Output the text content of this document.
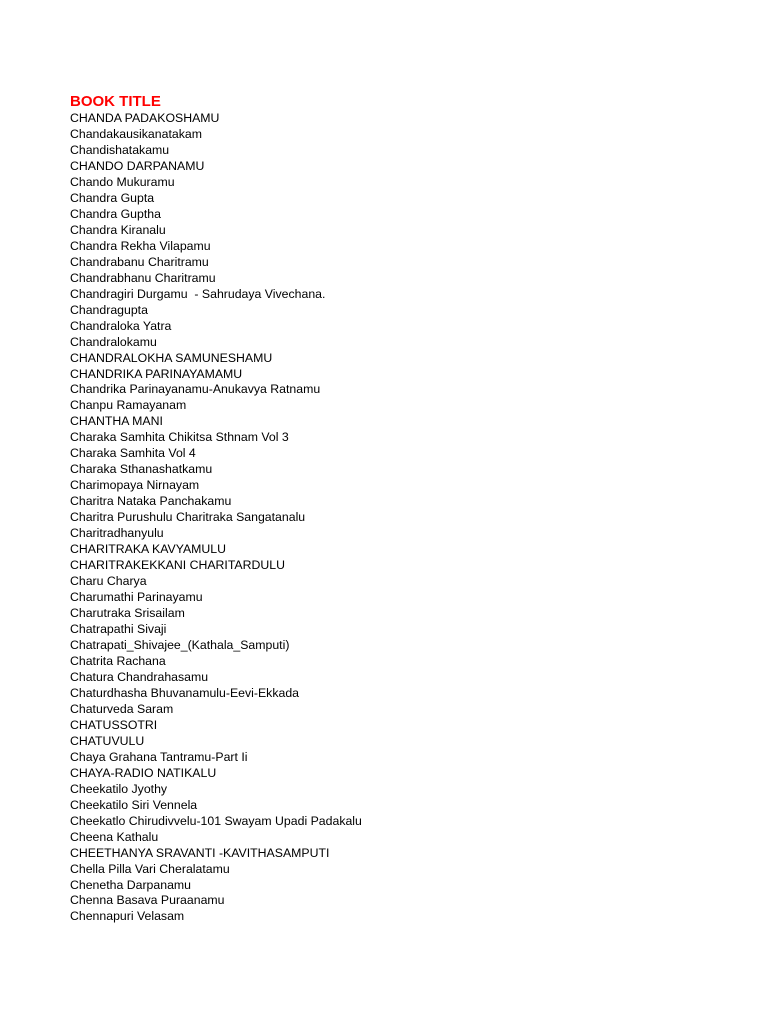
BOOK TITLE
CHANDA PADAKOSHAMU
Chandakausikanatakam
Chandishatakamu
CHANDO DARPANAMU
Chando Mukuramu
Chandra Gupta
Chandra Guptha
Chandra Kiranalu
Chandra Rekha Vilapamu
Chandrabanu Charitramu
Chandrabhanu Charitramu
Chandragiri Durgamu  - Sahrudaya Vivechana.
Chandragupta
Chandraloka Yatra
Chandralokamu
CHANDRALOKHA SAMUNESHAMU
CHANDRIKA PARINAYAMAMU
Chandrika Parinayanamu-Anukavya Ratnamu
Chanpu Ramayanam
CHANTHA MANI
Charaka Samhita Chikitsa Sthnam Vol 3
Charaka Samhita Vol 4
Charaka Sthanashatkamu
Charimopaya Nirnayam
Charitra Nataka Panchakamu
Charitra Purushulu Charitraka Sangatanalu
Charitradhanyulu
CHARITRAKA KAVYAMULU
CHARITRAKEKKANI CHARITARDULU
Charu Charya
Charumathi Parinayamu
Charutraka Srisailam
Chatrapathi Sivaji
Chatrapati_Shivajee_(Kathala_Samputi)
Chatrita Rachana
Chatura Chandrahasamu
Chaturdhasha Bhuvanamulu-Eevi-Ekkada
Chaturveda Saram
CHATUSSOTRI
CHATUVULU
Chaya Grahana Tantramu-Part Ii
CHAYA-RADIO NATIKALU
Cheekatilo Jyothy
Cheekatilo Siri Vennela
Cheekatlo Chirudivvelu-101 Swayam Upadi Padakalu
Cheena Kathalu
CHEETHANYA SRAVANTI -KAVITHASAMPUTI
Chella Pilla Vari Cheralatamu
Chenetha Darpanamu
Chenna Basava Puraanamu
Chennapuri Velasam
